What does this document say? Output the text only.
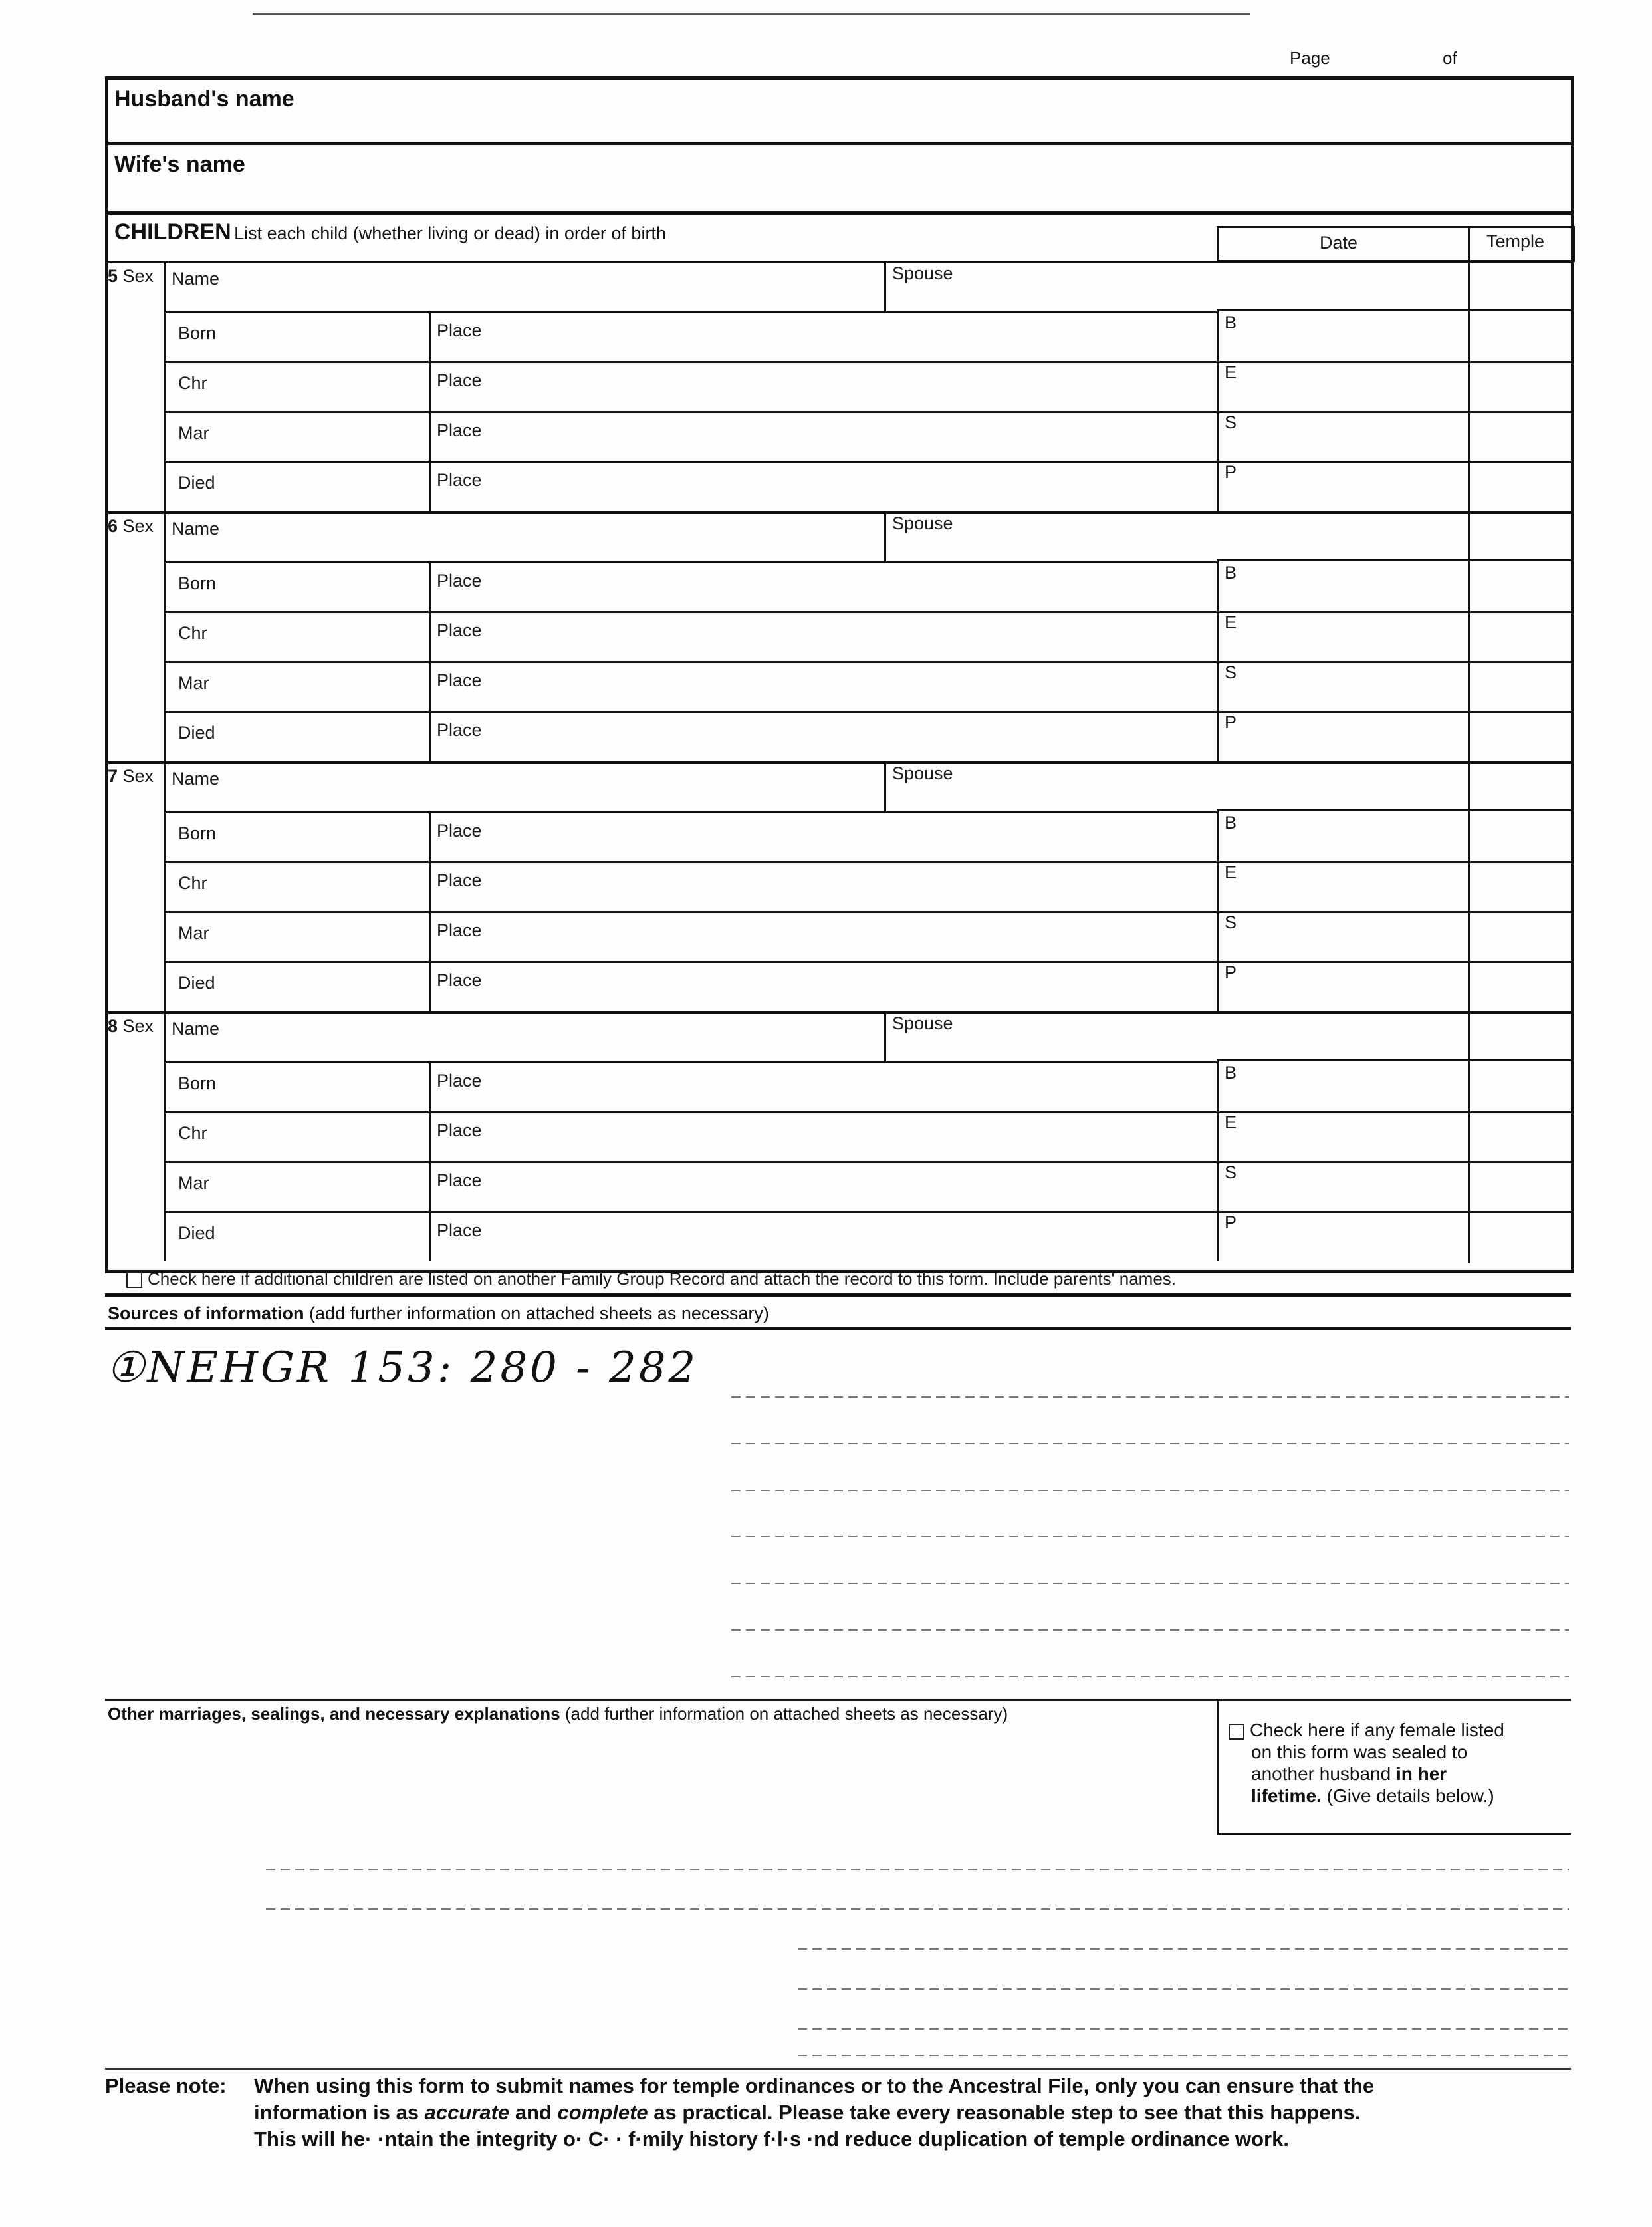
Page	of
Husband's name
Wife's name
CHILDREN List each child (whether living or dead) in order of birth	Date	Temple
5 Sex Name	Spouse
Born	Place	B
Chr	Place	E
Mar	Place	S
Died	Place	P
6 Sex Name	Spouse
Born	Place	B
Chr	Place	E
Mar	Place	S
Died	Place	P
7 Sex Name	Spouse
Born	Place	B
Chr	Place	E
Mar	Place	S
Died	Place	P
8 Sex Name	Spouse
Born	Place	B
Chr	Place	E
Mar	Place	S
Died	Place	P
Check here if additional children are listed on another Family Group Record and attach the record to this form. Include parents' names.
Sources of information (add further information on attached sheets as necessary)
①NEHGR 153: 280 - 282
Other marriages, sealings, and necessary explanations (add further information on attached sheets as necessary)
Check here if any female listed
on this form was sealed to
another husband in her
lifetime. (Give details below.)
Please note: When using this form to submit names for temple ordinances or to the Ancestral File, only you can ensure that the
information is as accurate and complete as practical. Please take every reasonable step to see that this happens.
This will he· ·ntain the integrity o· C· · f·mily history f·l·s ·nd reduce duplication of temple ordinance work.
